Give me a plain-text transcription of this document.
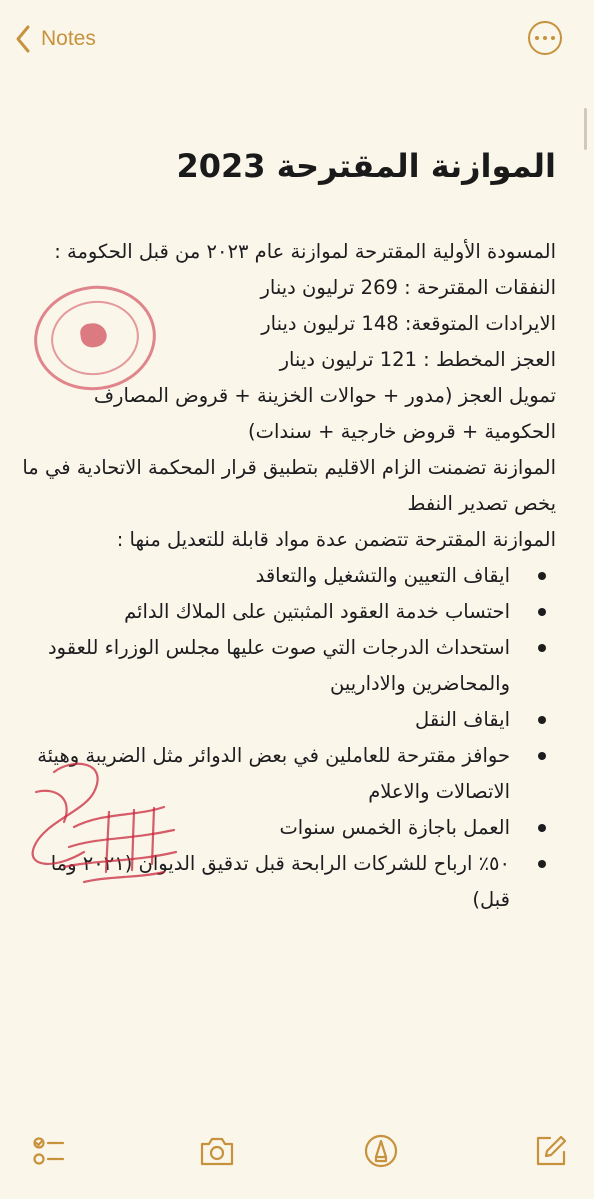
Notes
الموازنة المقترحة 2023

المسودة الأولية المقترحة لموازنة عام ٢٠٢٣ من قبل الحكومة :

النفقات المقترحة : 269 ترليون دينار

الايرادات المتوقعة: 148 ترليون دينار

العجز المخطط : 121 ترليون دينار

تمويل العجز (مدور + حوالات الخزينة + قروض المصارف الحكومية + قروض خارجية + سندات)

الموازنة تضمنت الزام الاقليم بتطبيق قرار المحكمة الاتحادية في ما يخص تصدير النفط

الموازنة المقترحة تتضمن عدة مواد قابلة للتعديل منها :

ايقاف التعيين والتشغيل والتعاقد
احتساب خدمة العقود المثبتين على الملاك الدائم
استحداث الدرجات التي صوت عليها مجلس الوزراء للعقود والمحاضرين والاداريين
ايقاف النقل
حوافز مقترحة للعاملين في بعض الدوائر مثل الضريبة وهيئة الاتصالات والاعلام
العمل باجازة الخمس سنوات
٥٠٪ ارباح للشركات الرابحة قبل تدقيق الديوان (٢٠٢١ وما قبل)
